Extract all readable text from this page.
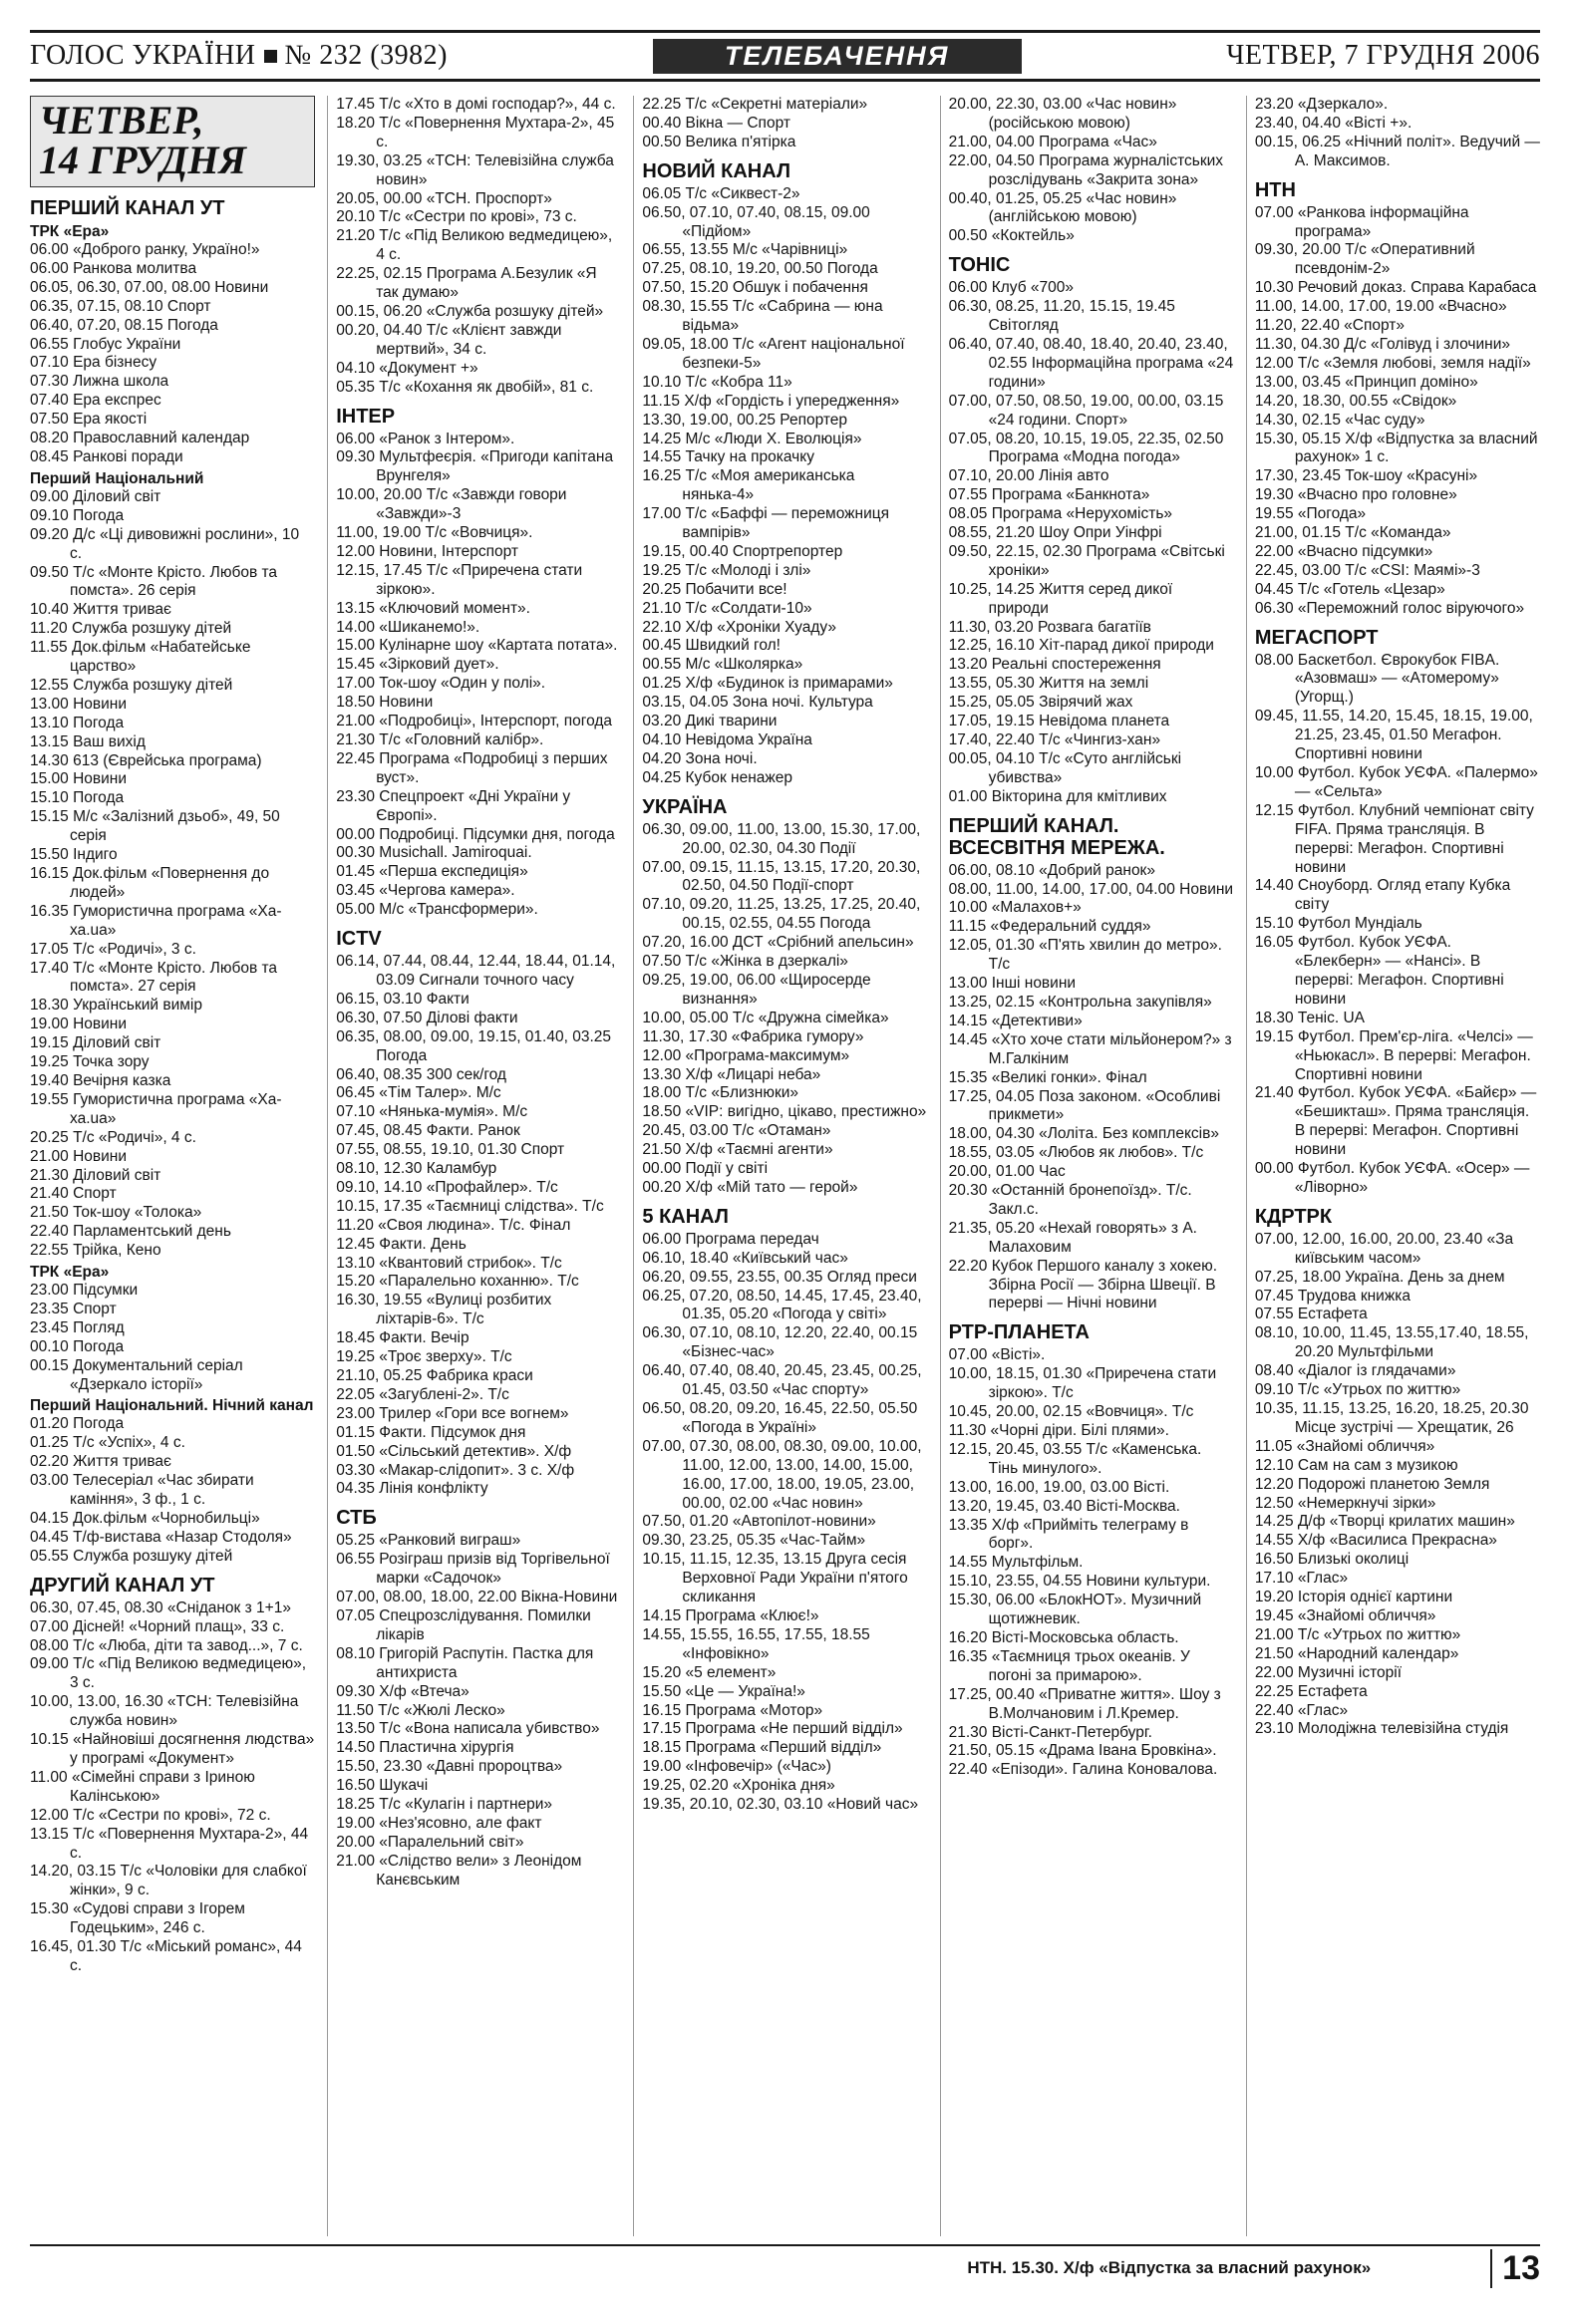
ГОЛОС УКРАЇНИ № 232 (3982)	ТЕЛЕБАЧЕННЯ	ЧЕТВЕР, 7 ГРУДНЯ 2006
ЧЕТВЕР,
14 ГРУДНЯ
ПЕРШИЙ КАНАЛ УТ
ТРК «Ера»
06.00 «Доброго ранку, Україно!»
06.00 Ранкова молитва
06.05, 06.30, 07.00, 08.00 Новини
06.35, 07.15, 08.10 Спорт
06.40, 07.20, 08.15 Погода
06.55 Глобус України
07.10 Ера бізнесу
07.30 Лижна школа
07.40 Ера експрес
07.50 Ера якості
08.20 Православний календар
08.45 Ранкові поради
Перший Національний
09.00 Діловий світ
09.10 Погода
09.20 Д/с «Ці дивовижні рослини», 10 с.
09.50 Т/с «Монте Крісто. Любов та помста». 26 серія
10.40 Життя триває
11.20 Служба розшуку дітей
11.55 Док.фільм «Набатейське царство»
12.55 Служба розшуку дітей
13.00 Новини
13.10 Погода
13.15 Ваш вихід
14.30 613 (Єврейська програма)
15.00 Новини
15.10 Погода
15.15 М/с «Залізний дзьоб», 49, 50 серія
15.50 Індиго
16.15 Док.фільм «Повернення до людей»
16.35 Гумористична програма «Ха-ха.ua»
17.05 Т/с «Родичі», 3 с.
17.40 Т/с «Монте Крісто. Любов та помста». 27 серія
18.30 Український вимір
19.00 Новини
19.15 Діловий світ
19.25 Точка зору
19.40 Вечірня казка
19.55 Гумористична програма «Ха-ха.ua»
20.25 Т/с «Родичі», 4 с.
21.00 Новини
21.30 Діловий світ
21.40 Спорт
21.50 Ток-шоу «Толока»
22.40 Парламентський день
22.55 Трійка, Кено
ТРК «Ера»
23.00 Підсумки
23.35 Спорт
23.45 Погляд
00.10 Погода
00.15 Документальний серіал «Дзеркало історії»
Перший Національний. Нічний канал
01.20 Погода
01.25 Т/с «Успіх», 4 с.
02.20 Життя триває
03.00 Телесеріал «Час збирати каміння», 3 ф., 1 с.
04.15 Док.фільм «Чорнобильці»
04.45 Т/ф-вистава «Назар Стодоля»
05.55 Служба розшуку дітей
ДРУГИЙ КАНАЛ УТ
06.30, 07.45, 08.30 «Сніданок з 1+1»
07.00 Дісней! «Чорний плащ», 33 с.
08.00 Т/с «Люба, діти та завод...», 7 с.
09.00 Т/с «Під Великою ведмедицею», 3 с.
10.00, 13.00, 16.30 «ТСН: Телевізійна служба новин»
10.15 «Найновіші досягнення людства» у програмі «Документ»
11.00 «Сімейні справи з Іриною Калінською»
12.00 Т/с «Сестри по крові», 72 с.
13.15 Т/с «Повернення Мухтара-2», 44 с.
14.20, 03.15 Т/с «Чоловіки для слабкої жінки», 9 с.
15.30 «Судові справи з Ігорем Годецьким», 246 с.
16.45, 01.30 Т/с «Міський романс», 44 с.
17.45 Т/с «Хто в домі господар?», 44 с.
18.20 Т/с «Повернення Мухтара-2», 45 с.
19.30, 03.25 «ТСН: Телевізійна служба новин»
20.05, 00.00 «ТСН. Проспорт»
20.10 Т/с «Сестри по крові», 73 с.
21.20 Т/с «Під Великою ведмедицею», 4 с.
22.25, 02.15 Програма А.Безулик «Я так думаю»
00.15, 06.20 «Служба розшуку дітей»
00.20, 04.40 Т/с «Клієнт завжди мертвий», 34 с.
04.10 «Документ +»
05.35 Т/с «Кохання як двобій», 81 с.
ІНТЕР
06.00 «Ранок з Інтером».
09.30 Мультфеєрія. «Пригоди капітана Врунгеля»
10.00, 20.00 Т/с «Завжди говори «Завжди»-3
11.00, 19.00 Т/с «Вовчиця».
12.00 Новини, Інтерспорт
12.15, 17.45 Т/с «Приречена стати зіркою».
13.15 «Ключовий момент».
14.00 «Шиканемо!».
15.00 Кулінарне шоу «Картата потата».
15.45 «Зірковий дует».
17.00 Ток-шоу «Один у полі».
18.50 Новини
21.00 «Подробиці», Інтерспорт, погода
21.30 Т/с «Головний калібр».
22.45 Програма «Подробиці з перших вуст».
23.30 Спецпроект «Дні України у Європі».
00.00 Подробиці. Підсумки дня, погода
00.30 Musichall. Jamiroquai.
01.45 «Перша експедиція»
03.45 «Чергова камера».
05.00 М/с «Трансформери».
ICTV
06.14, 07.44, 08.44, 12.44, 18.44, 01.14, 03.09 Сигнали точного часу
06.15, 03.10 Факти
06.30, 07.50 Ділові факти
06.35, 08.00, 09.00, 19.15, 01.40, 03.25 Погода
06.40, 08.35 300 сек/год
06.45 «Тім Талер». М/с
07.10 «Нянька-мумія». М/с
07.45, 08.45 Факти. Ранок
07.55, 08.55, 19.10, 01.30 Спорт
08.10, 12.30 Каламбур
09.10, 14.10 «Профайлер». Т/с
10.15, 17.35 «Таємниці слідства». Т/с
11.20 «Своя людина». Т/с. Фінал
12.45 Факти. День
13.10 «Квантовий стрибок». Т/с
15.20 «Паралельно коханню». Т/с
16.30, 19.55 «Вулиці розбитих ліхтарів-6». Т/с
18.45 Факти. Вечір
19.25 «Троє зверху». Т/с
21.10, 05.25 Фабрика краси
22.05 «Загублені-2». Т/с
23.00 Трилер «Гори все вогнем»
01.15 Факти. Підсумок дня
01.50 «Сільський детектив». Х/ф
03.30 «Макар-слідопит». 3 с. Х/ф
04.35 Лінія конфлікту
СТБ
05.25 «Ранковий виграш»
06.55 Розіграш призів від Торгівельної марки «Садочок»
07.00, 08.00, 18.00, 22.00 Вікна-Новини
07.05 Спецрозслідування. Помилки лікарів
08.10 Григорій Распутін. Пастка для антихриста
09.30 Х/ф «Втеча»
11.50 Т/с «Жюлі Леско»
13.50 Т/с «Вона написала убивство»
14.50 Пластична хірургія
15.50, 23.30 «Давні пророцтва»
16.50 Шукачі
18.25 Т/с «Кулагін і партнери»
19.00 «Нез'ясовно, але факт
20.00 «Паралельний світ»
21.00 «Слідство вели» з Леонідом Канєвським
22.25 Т/с «Секретні матеріали»
00.40 Вікна — Спорт
00.50 Велика п'ятірка
НОВИЙ КАНАЛ
06.05 Т/с «Сиквест-2»
06.50, 07.10, 07.40, 08.15, 09.00 «Підйом»
06.55, 13.55 М/с «Чарівниці»
07.25, 08.10, 19.20, 00.50 Погода
07.50, 15.20 Обшук і побачення
08.30, 15.55 Т/с «Сабрина — юна відьма»
09.05, 18.00 Т/с «Агент національної безпеки-5»
10.10 Т/с «Кобра 11»
11.15 Х/ф «Гордість і упередження»
13.30, 19.00, 00.25 Репортер
14.25 М/с «Люди Х. Еволюція»
14.55 Тачку на прокачку
16.25 Т/с «Моя американська нянька-4»
17.00 Т/с «Баффі — переможниця вампірів»
19.15, 00.40 Спортрепортер
19.25 Т/с «Молоді і злі»
20.25 Побачити все!
21.10 Т/с «Солдати-10»
22.10 Х/ф «Хроніки Хуаду»
00.45 Швидкий гол!
00.55 М/с «Школярка»
01.25 Х/ф «Будинок із примарами»
03.15, 04.05 Зона ночі. Культура
03.20 Дикі тварини
04.10 Невідома Україна
04.20 Зона ночі.
04.25 Кубок ненажер
УКРАЇНА
06.30, 09.00, 11.00, 13.00, 15.30, 17.00, 20.00, 02.30, 04.30 Події
07.00, 09.15, 11.15, 13.15, 17.20, 20.30, 02.50, 04.50 Події-спорт
07.10, 09.20, 11.25, 13.25, 17.25, 20.40, 00.15, 02.55, 04.55 Погода
07.20, 16.00 ДСТ «Срібний апельсин»
07.50 Т/с «Жінка в дзеркалі»
09.25, 19.00, 06.00 «Щиросерде визнання»
10.00, 05.00 Т/с «Дружна сімейка»
11.30, 17.30 «Фабрика гумору»
12.00 «Програма-максимум»
13.30 Х/ф «Лицарі неба»
18.00 Т/с «Близнюки»
18.50 «VIP: вигідно, цікаво, престижно»
20.45, 03.00 Т/с «Отаман»
21.50 Х/ф «Таємні агенти»
00.00 Події у світі
00.20 Х/ф «Мій тато — герой»
5 КАНАЛ
06.00 Програма передач
06.10, 18.40 «Київський час»
06.20, 09.55, 23.55, 00.35 Огляд преси
06.25, 07.20, 08.50, 14.45, 17.45, 23.40, 01.35, 05.20 «Погода у світі»
06.30, 07.10, 08.10, 12.20, 22.40, 00.15 «Бізнес-час»
06.40, 07.40, 08.40, 20.45, 23.45, 00.25, 01.45, 03.50 «Час спорту»
06.50, 08.20, 09.20, 16.45, 22.50, 05.50 «Погода в Україні»
07.00, 07.30, 08.00, 08.30, 09.00, 10.00, 11.00, 12.00, 13.00, 14.00, 15.00, 16.00, 17.00, 18.00, 19.05, 23.00, 00.00, 02.00 «Час новин»
07.50, 01.20 «Автопілот-новини»
09.30, 23.25, 05.35 «Час-Тайм»
10.15, 11.15, 12.35, 13.15 Друга сесія Верховної Ради України п'ятого скликання
14.15 Програма «Клює!»
14.55, 15.55, 16.55, 17.55, 18.55 «Інфовікно»
15.20 «5 елемент»
15.50 «Це — Україна!»
16.15 Програма «Мотор»
17.15 Програма «Не перший відділ»
18.15 Програма «Перший відділ»
19.00 «Інфовечір» («Час»)
19.25, 02.20 «Хроніка дня»
19.35, 20.10, 02.30, 03.10 «Новий час»
20.00, 22.30, 03.00 «Час новин» (російською мовою)
21.00, 04.00 Програма «Час»
22.00, 04.50 Програма журналістських розслідувань «Закрита зона»
00.40, 01.25, 05.25 «Час новин» (англійською мовою)
00.50 «Коктейль»
ТОНІС
06.00 Клуб «700»
06.30, 08.25, 11.20, 15.15, 19.45 Світогляд
06.40, 07.40, 08.40, 18.40, 20.40, 23.40, 02.55 Інформаційна програма «24 години»
07.00, 07.50, 08.50, 19.00, 00.00, 03.15 «24 години. Спорт»
07.05, 08.20, 10.15, 19.05, 22.35, 02.50 Програма «Модна погода»
07.10, 20.00 Лінія авто
07.55 Програма «Банкнота»
08.05 Програма «Нерухомість»
08.55, 21.20 Шоу Опри Уінфрі
09.50, 22.15, 02.30 Програма «Світські хроніки»
10.25, 14.25 Життя серед дикої природи
11.30, 03.20 Розвага багатіїв
12.25, 16.10 Хіт-парад дикої природи
13.20 Реальні спостереження
13.55, 05.30 Життя на землі
15.25, 05.05 Звірячий жах
17.05, 19.15 Невідома планета
17.40, 22.40 Т/с «Чингиз-хан»
00.05, 04.10 Т/с «Суто англійські убивства»
01.00 Вікторина для кмітливих
ПЕРШИЙ КАНАЛ. ВСЕСВІТНЯ МЕРЕЖА.
06.00, 08.10 «Добрий ранок»
08.00, 11.00, 14.00, 17.00, 04.00 Новини
10.00 «Малахов+»
11.15 «Федеральний суддя»
12.05, 01.30 «П'ять хвилин до метро». Т/с
13.00 Інші новини
13.25, 02.15 «Контрольна закупівля»
14.15 «Детективи»
14.45 «Хто хоче стати мільйонером?» з М.Галкіним
15.35 «Великі гонки». Фінал
17.25, 04.05 Поза законом. «Особливі прикмети»
18.00, 04.30 «Лоліта. Без комплексів»
18.55, 03.05 «Любов як любов». Т/с
20.00, 01.00 Час
20.30 «Останній бронепоїзд». Т/с. Закл.с.
21.35, 05.20 «Нехай говорять» з А. Малаховим
22.20 Кубок Першого каналу з хокею. Збірна Росії — Збірна Швеції. В перерві — Нічні новини
РТР-ПЛАНЕТА
07.00 «Вісті».
10.00, 18.15, 01.30 «Приречена стати зіркою». Т/с
10.45, 20.00, 02.15 «Вовчиця». Т/с
11.30 «Чорні діри. Білі плями».
12.15, 20.45, 03.55 Т/с «Каменська. Тінь минулого».
13.00, 16.00, 19.00, 03.00 Вісті.
13.20, 19.45, 03.40 Вісті-Москва.
13.35 Х/ф «Прийміть телеграму в борг».
14.55 Мультфільм.
15.10, 23.55, 04.55 Новини культури.
15.30, 06.00 «БлокНОТ». Музичний щотижневик.
16.20 Вісті-Московська область.
16.35 «Таємниця трьох океанів. У погоні за примарою».
17.25, 00.40 «Приватне життя». Шоу з В.Молчановим і Л.Кремер.
21.30 Вісті-Санкт-Петербург.
21.50, 05.15 «Драма Івана Бровкіна».
22.40 «Епізоди». Галина Коновалова.
23.20 «Дзеркало».
23.40, 04.40 «Вісті +».
00.15, 06.25 «Нічний політ». Ведучий — А. Максимов.
НТН
07.00 «Ранкова інформаційна програма»
09.30, 20.00 Т/с «Оперативний псевдонім-2»
10.30 Речовий доказ. Справа Карабаса
11.00, 14.00, 17.00, 19.00 «Вчасно»
11.20, 22.40 «Спорт»
11.30, 04.30 Д/с «Голівуд і злочини»
12.00 Т/с «Земля любові, земля надії»
13.00, 03.45 «Принцип доміно»
14.20, 18.30, 00.55 «Свідок»
14.30, 02.15 «Час суду»
15.30, 05.15 Х/ф «Відпустка за власний рахунок» 1 с.
17.30, 23.45 Ток-шоу «Красуні»
19.30 «Вчасно про головне»
19.55 «Погода»
21.00, 01.15 Т/с «Команда»
22.00 «Вчасно підсумки»
22.45, 03.00 Т/с «CSI: Маямі»-3
04.45 Т/с «Готель «Цезар»
06.30 «Переможний голос віруючого»
МЕГАСПОРТ
08.00 Баскетбол. Єврокубок FIBA. «Азовмаш» — «Атомерому» (Угорщ.)
09.45, 11.55, 14.20, 15.45, 18.15, 19.00, 21.25, 23.45, 01.50 Мегафон. Спортивні новини
10.00 Футбол. Кубок УЄФА. «Палермо» — «Сельта»
12.15 Футбол. Клубний чемпіонат світу FIFA. Пряма трансляція. В перерві: Мегафон. Спортивні новини
14.40 Сноуборд. Огляд етапу Кубка світу
15.10 Футбол Мундіаль
16.05 Футбол. Кубок УЄФА. «Блекберн» — «Нансі». В перерві: Мегафон. Спортивні новини
18.30 Теніс. UA
19.15 Футбол. Прем'єр-ліга. «Челсі» — «Ньюкасл». В перерві: Мегафон. Спортивні новини
21.40 Футбол. Кубок УЄФА. «Байєр» — «Бешикташ». Пряма трансляція. В перерві: Мегафон. Спортивні новини
00.00 Футбол. Кубок УЄФА. «Осер» — «Ліворно»
КДРТРК
07.00, 12.00, 16.00, 20.00, 23.40 «За київським часом»
07.25, 18.00 Україна. День за днем
07.45 Трудова книжка
07.55 Естафета
08.10, 10.00, 11.45, 13.55,17.40, 18.55, 20.20 Мультфільми
08.40 «Діалог із глядачами»
09.10 Т/с «Утрьох по життю»
10.35, 11.15, 13.25, 16.20, 18.25, 20.30 Місце зустрічі — Хрещатик, 26
11.05 «Знайомі обличчя»
12.10 Сам на сам з музикою
12.20 Подорожі планетою Земля
12.50 «Немеркнучі зірки»
14.25 Д/ф «Творці крилатих машин»
14.55 Х/ф «Василиса Прекрасна»
16.50 Близькі околиці
17.10 «Глас»
19.20 Історія однієї картини
19.45 «Знайомі обличчя»
21.00 Т/с «Утрьох по життю»
21.50 «Народний календар»
22.00 Музичні історії
22.25 Естафета
22.40 «Глас»
23.10 Молодіжна телевізійна студія
НТН. 15.30. Х/ф «Відпустка за власний рахунок»	13
